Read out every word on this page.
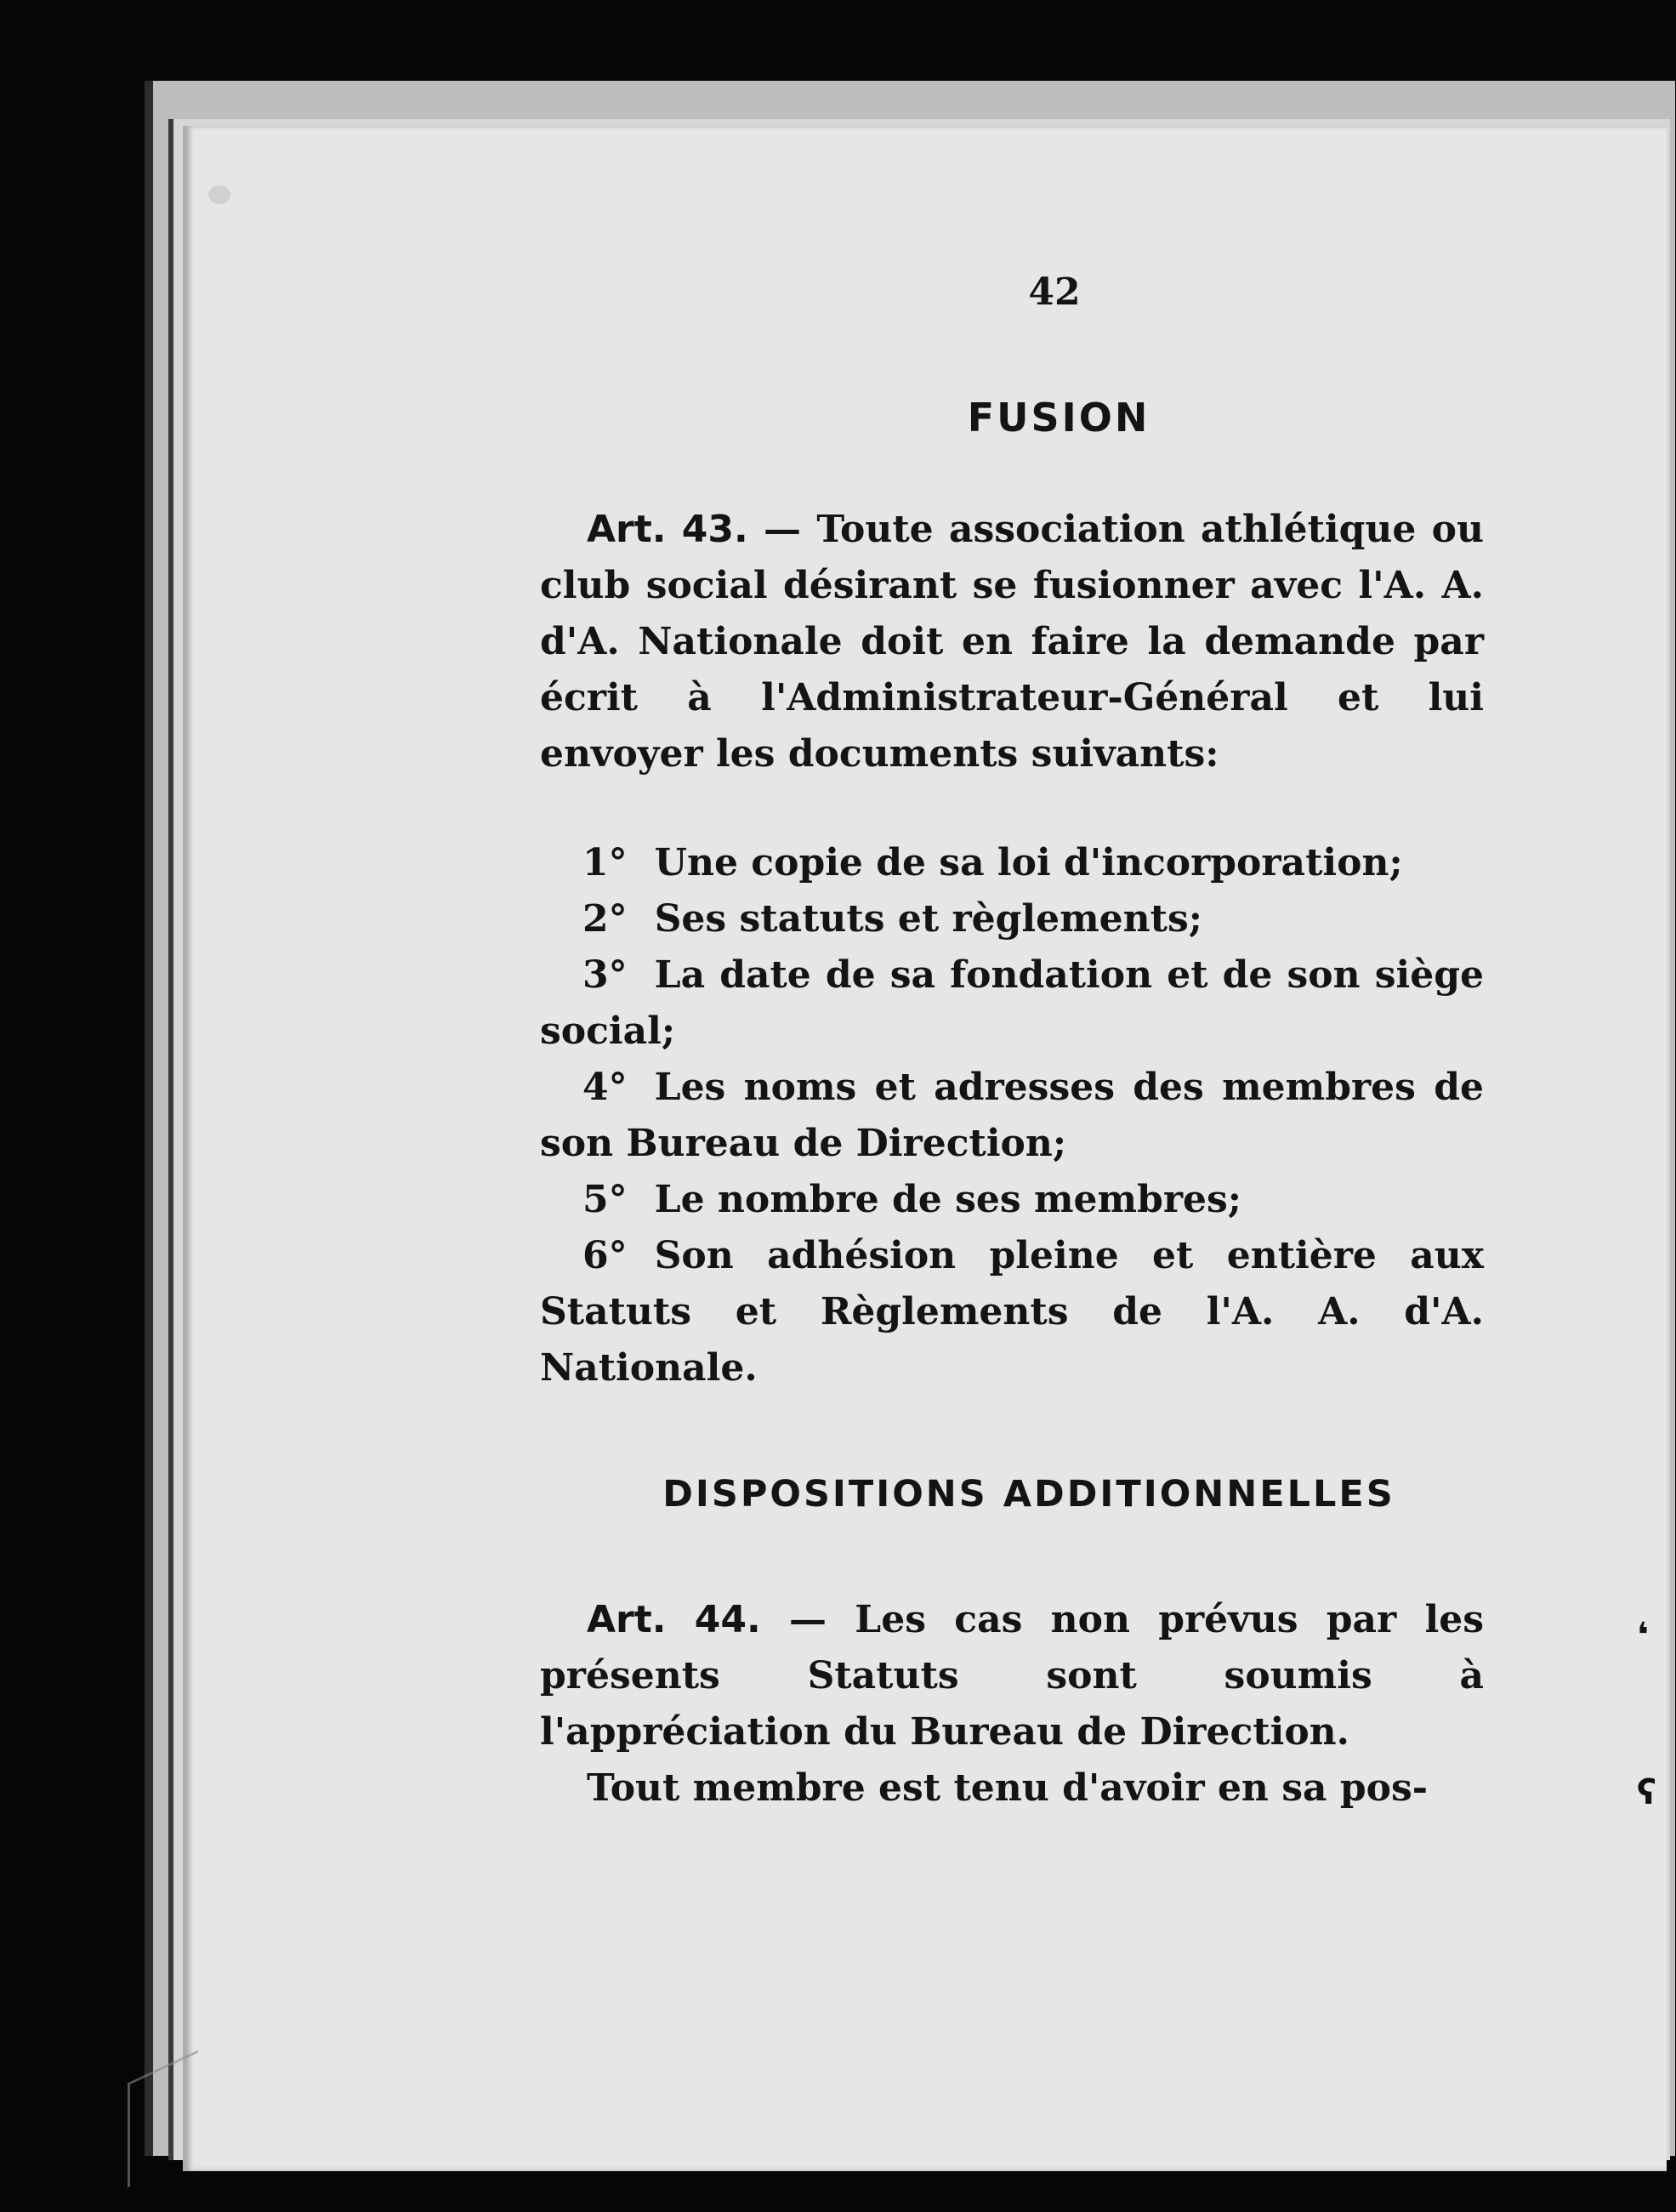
42
FUSION

Art. 43. — Toute association athlétique ou club social désirant se fusionner avec l'A. A. d'A. Nationale doit en faire la demande par écrit à l'Administrateur-Général et lui envoyer les documents suivants:

1° Une copie de sa loi d'incorporation;

2° Ses statuts et règlements;

3° La date de sa fondation et de son siège social;

4° Les noms et adresses des membres de son Bureau de Direction;

5° Le nombre de ses membres;

6° Son adhésion pleine et entière aux Statuts et Règlements de l'A. A. d'A. Nationale.

DISPOSITIONS ADDITIONNELLES

Art. 44. — Les cas non prévus par les présents Statuts sont soumis à l'appréciation du Bureau de Direction.

Tout membre est tenu d'avoir en sa pos-

❛
ʕ
